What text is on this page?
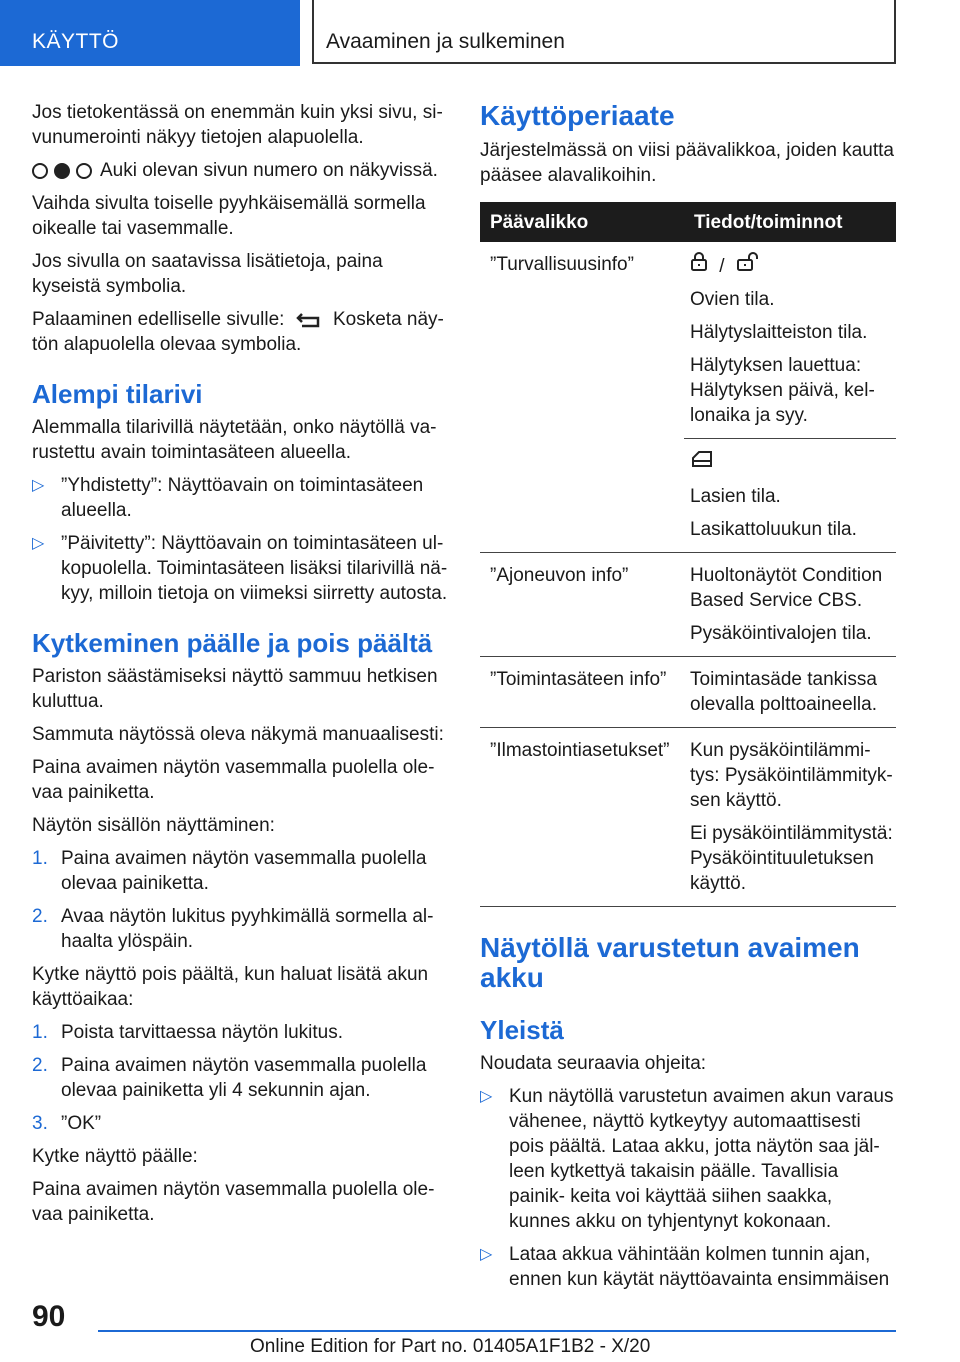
KÄYTTÖ	Avaaminen ja sulkeminen

Jos tietokentässä on enemmän kuin yksi sivu, si- vunumerointi näkyy tietojen alapuolella.

Auki olevan sivun numero on näkyvissä.

Vaihda sivulta toiselle pyyhkäisemällä sormella oikealle tai vasemmalle.

Jos sivulla on saatavissa lisätietoja, paina kyseistä symbolia.

Palaaminen edelliselle sivulle:	Kosketa näy- tön alapuolella olevaa symbolia.

Alempi tilarivi

Alemmalla tilarivillä näytetään, onko näytöllä va- rustettu avain toimintasäteen alueella.

▷ ”Yhdistetty”: Näyttöavain on toimintasäteen alueella.
▷ ”Päivitetty”: Näyttöavain on toimintasäteen ul- kopuolella. Toimintasäteen lisäksi tilarivillä nä- kyy, milloin tietoja on viimeksi siirretty autosta.
Kytkeminen päälle ja pois päältä

Pariston säästämiseksi näyttö sammuu hetkisen kuluttua.

Sammuta näytössä oleva näkymä manuaalisesti:

Paina avaimen näytön vasemmalla puolella ole- vaa painiketta.

Näytön sisällön näyttäminen:

1. Paina avaimen näytön vasemmalla puolella olevaa painiketta.
2. Avaa näytön lukitus pyyhkimällä sormella al- haalta ylöspäin.

Kytke näyttö pois päältä, kun haluat lisätä akun käyttöaikaa:

1. Poista tarvittaessa näytön lukitus.
2. Paina avaimen näytön vasemmalla puolella olevaa painiketta yli 4 sekunnin ajan.
3. ”OK”

Kytke näyttö päälle:

Paina avaimen näytön vasemmalla puolella ole- vaa painiketta.

Käyttöperiaate

Järjestelmässä on viisi päävalikkoa, joiden kautta pääsee alavalikoihin.

Päävalikko	Tiedot/toiminnot
”Turvallisuusinfo”	/

Ovien tila.

Hälytyslaitteiston tila.

Hälytyksen lauettua: Hälytyksen päivä, kel- lonaika ja syy.

	Lasien tila.

Lasikattoluukun tila.

”Ajoneuvon info”	Huoltonäytöt Condition Based Service CBS.

Pysäköintivalojen tila.

”Toimintasäteen info”	Toimintasäde tankissa olevalla polttoaineella.

”Ilmastointiasetukset”	Kun pysäköintilämmi- tys: Pysäköintilämmityk- sen käyttö.

Ei pysäköintilämmitystä: Pysäköintituuletuksen käyttö.

Näytöllä varustetun avaimen akku
Yleistä

Noudata seuraavia ohjeita:

▷ Kun näytöllä varustetun avaimen akun varaus vähenee, näyttö kytkeytyy automaattisesti pois päältä. Lataa akku, jotta näytön saa jäl- leen kytkettyä takaisin päälle. Tavallisia painik- keita voi käyttää siihen saakka, kunnes akku on tyhjentynyt kokonaan.
▷ Lataa akkua vähintään kolmen tunnin ajan, ennen kun käytät näyttöavainta ensimmäisen
90
Online Edition for Part no. 01405A1F1B2 - X/20
